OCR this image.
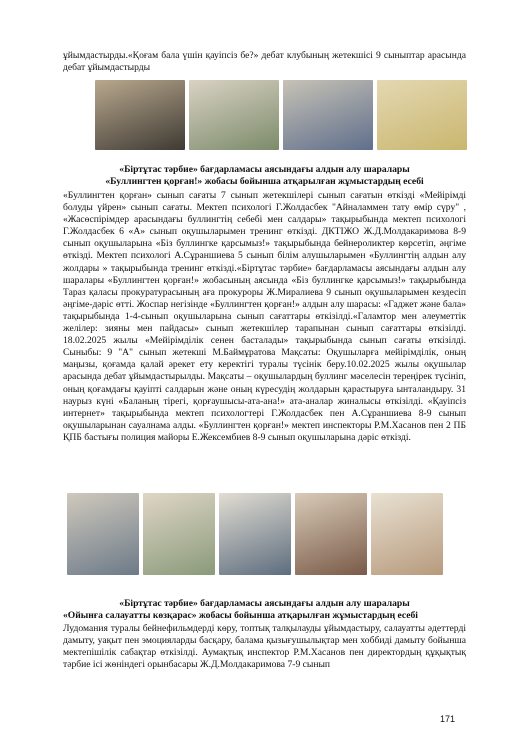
ұйымдастырды.«Қоғам бала үшін қауіпсіз бе?» дебат клубының жетекшісі 9 сыныптар арасында дебат ұйымдастырды

«Біртұтас тәрбие» бағдарламасы аясындағы алдын алу шаралары
«Буллингтен қорған!» жобасы бойынша атқарылған жұмыстардың есебі

«Буллингтен қорған» сынып сағаты 7 сынып жетекшілері сынып сағатын өткізді «Мейірімді болуды үйрен» сынып сағаты. Мектеп психологі Г.Жолдасбек "Айналаммен тату өмір сүру" , «Жасөспірімдер арасындағы буллингтің себебі мен салдары» тақырыбында мектеп психологі Г.Жолдасбек 6 «А» сынып оқушыларымен тренинг өткізді. ДКТІЖО Ж.Д.Молдакаримова 8-9 сынып оқушыларына «Біз буллингке қарсымыз!» тақырыбында бейнероликтер көрсетіп, әңгіме өткізді. Мектеп психологі А.Сұраншиева 5 сынып білім алушыларымен «Буллингтің алдын алу жолдары » тақырыбында тренинг өткізді.«Біртұтас тәрбие» бағдарламасы аясындағы алдын алу шаралары «Буллингтен қорған!» жобасының аясында «Біз буллингке қарсымыз!» тақырыбында Тараз қаласы прокуратурасының аға прокуроры Ж.Миралиева 9 сынып оқушыларымен кездесіп әңгіме-дәріс өтті. Жоспар негізінде «Буллингтен қорған!» алдын алу шарасы: «Гаджет және бала» тақырыбында 1-4-сынып оқушыларына сынып сағаттары өткізілді.«Галамтор мен әлеуметтік желілер: зияны мен пайдасы» сынып жетекшілер тарапынан сынып сағаттары өткізілді. 18.02.2025 жылы «Мейірімділік сенен басталады» тақырыбында сынып сағаты өткізілді. Сыныбы: 9 "А" сынып жетекші М.Баймұратова Мақсаты: Оқушыларға мейірімділік, оның маңызы, қоғамда қалай әрекет ету керектігі туралы түсінік беру.10.02.2025 жылы оқушылар арасында дебат ұйымдастырылды. Мақсаты – оқушылардың буллинг мәселесін тереңірек түсініп, оның қоғамдағы қауіпті салдарын және оның күресудің жолдарын қарастыруға ынталандыру. 31 наурыз күні «Баланың тірегі, қорғаушысы-ата-ана!» ата-аналар жиналысы өткізілді. «Қауіпсіз интернет» тақырыбында мектеп психологтері Г.Жолдасбек пен А.Сұраншиева 8-9 сынып оқушыларынан сауалнама алды. «Буллингтен қорған!» мектеп инспекторы Р.М.Хасанов пен 2 ПБ ҚПБ бастығы полиция майоры Е.Жексембиев 8-9 сынып оқушыларына дәріс өткізді.

«Біртұтас тәрбие» бағдарламасы аясындағы алдын алу шаралары
«Ойынға салауатты көзқарас» жобасы бойынша атқарылған жұмыстардың есебі

Лудомания туралы бейнефильмдерді көру, топтық талқылауды ұйымдастыру, салауатты әдеттерді дамыту, уақыт пен эмоцияларды басқару, балама қызығушылықтар мен хоббиді дамыту бойынша мектепішілік сабақтар өткізілді. Аумақтық инспектор Р.М.Хасанов пен директордың құқықтық тәрбие ісі жөніндегі орынбасары Ж.Д.Молдакаримова 7-9 сынып

171
